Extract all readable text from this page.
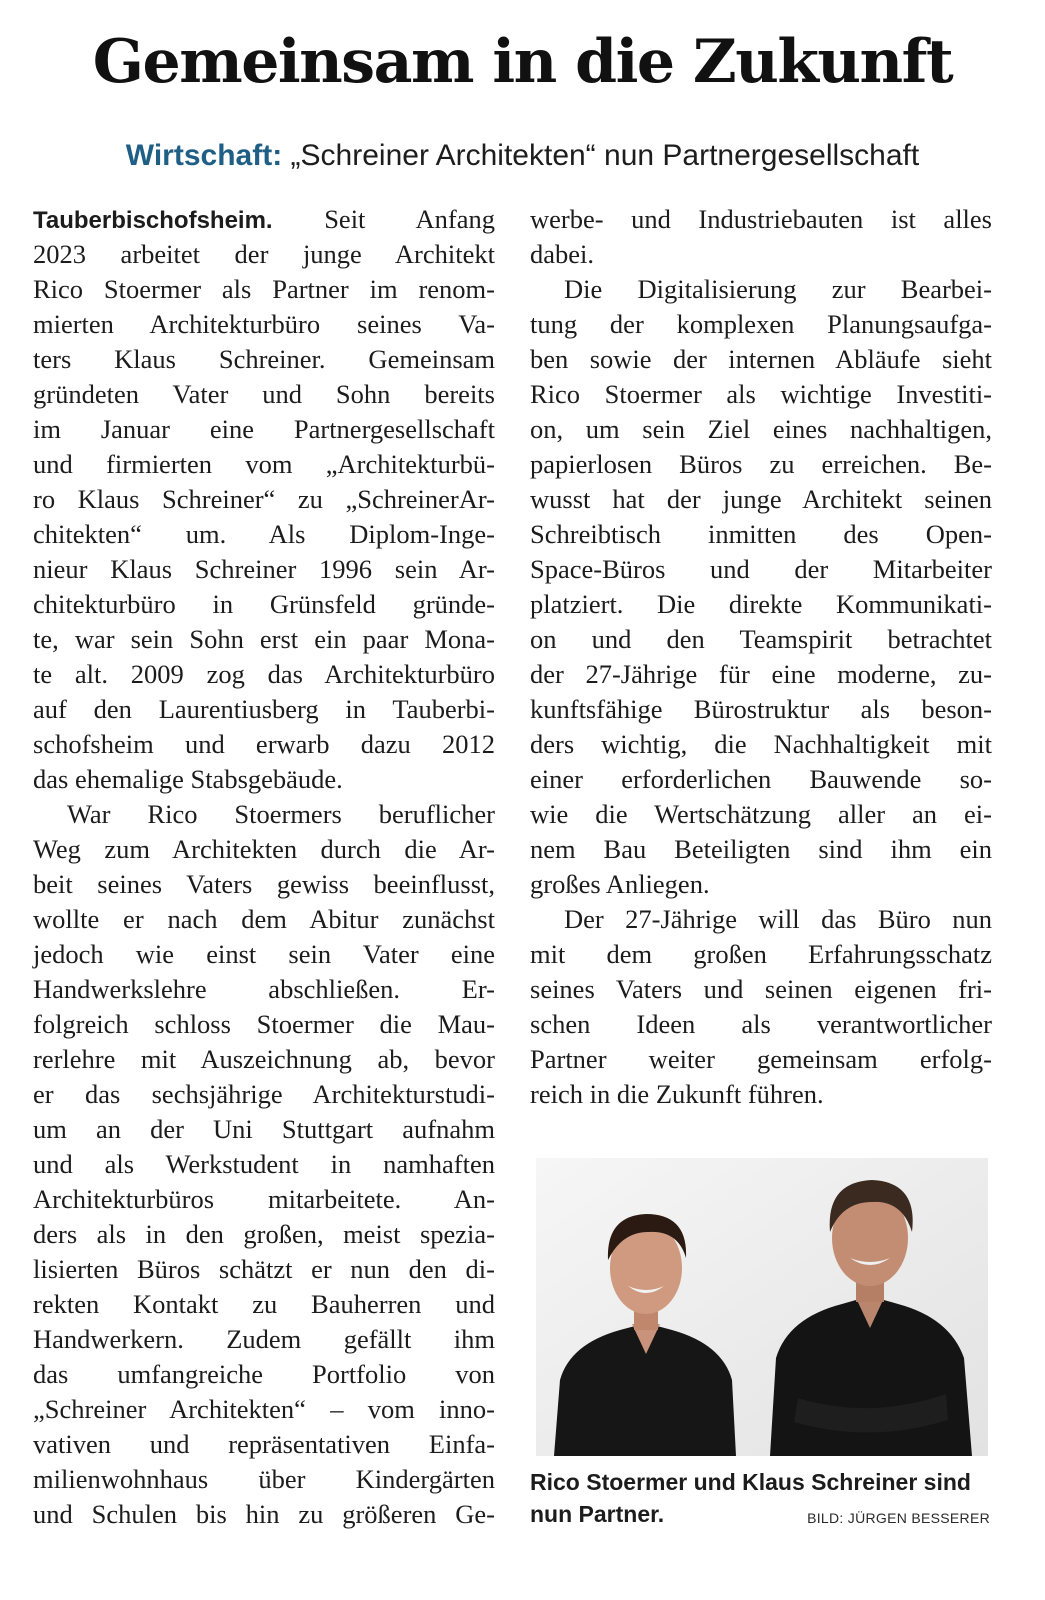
Gemeinsam in die Zukunft

Wirtschaft: „Schreiner Architekten“ nun Partnergesellschaft

Tauberbischofsheim. Seit Anfang
2023 arbeitet der junge Architekt
Rico Stoermer als Partner im renom-
mierten Architekturbüro seines Va-
ters Klaus Schreiner. Gemeinsam
gründeten Vater und Sohn bereits
im Januar eine Partnergesellschaft
und firmierten vom „Architekturbü-
ro Klaus Schreiner“ zu „SchreinerAr-
chitekten“ um. Als Diplom-Inge-
nieur Klaus Schreiner 1996 sein Ar-
chitekturbüro in Grünsfeld gründe-
te, war sein Sohn erst ein paar Mona-
te alt. 2009 zog das Architekturbüro
auf den Laurentiusberg in Tauberbi-
schofsheim und erwarb dazu 2012
das ehemalige Stabsgebäude.
War Rico Stoermers beruflicher
Weg zum Architekten durch die Ar-
beit seines Vaters gewiss beeinflusst,
wollte er nach dem Abitur zunächst
jedoch wie einst sein Vater eine
Handwerkslehre abschließen. Er-
folgreich schloss Stoermer die Mau-
rerlehre mit Auszeichnung ab, bevor
er das sechsjährige Architekturstudi-
um an der Uni Stuttgart aufnahm
und als Werkstudent in namhaften
Architekturbüros mitarbeitete. An-
ders als in den großen, meist spezia-
lisierten Büros schätzt er nun den di-
rekten Kontakt zu Bauherren und
Handwerkern. Zudem gefällt ihm
das umfangreiche Portfolio von
„Schreiner Architekten“ – vom inno-
vativen und repräsentativen Einfa-
milienwohnhaus über Kindergärten
und Schulen bis hin zu größeren Ge-
werbe- und Industriebauten ist alles
dabei.
Die Digitalisierung zur Bearbei-
tung der komplexen Planungsaufga-
ben sowie der internen Abläufe sieht
Rico Stoermer als wichtige Investiti-
on, um sein Ziel eines nachhaltigen,
papierlosen Büros zu erreichen. Be-
wusst hat der junge Architekt seinen
Schreibtisch inmitten des Open-
Space-Büros und der Mitarbeiter
platziert. Die direkte Kommunikati-
on und den Teamspirit betrachtet
der 27-Jährige für eine moderne, zu-
kunftsfähige Bürostruktur als beson-
ders wichtig, die Nachhaltigkeit mit
einer erforderlichen Bauwende so-
wie die Wertschätzung aller an ei-
nem Bau Beteiligten sind ihm ein
großes Anliegen.
Der 27-Jährige will das Büro nun
mit dem großen Erfahrungsschatz
seines Vaters und seinen eigenen fri-
schen Ideen als verantwortlicher
Partner weiter gemeinsam erfolg-
reich in die Zukunft führen.

Rico Stoermer und Klaus Schreiner sind nun Partner.	BILD: JÜRGEN BESSERER
